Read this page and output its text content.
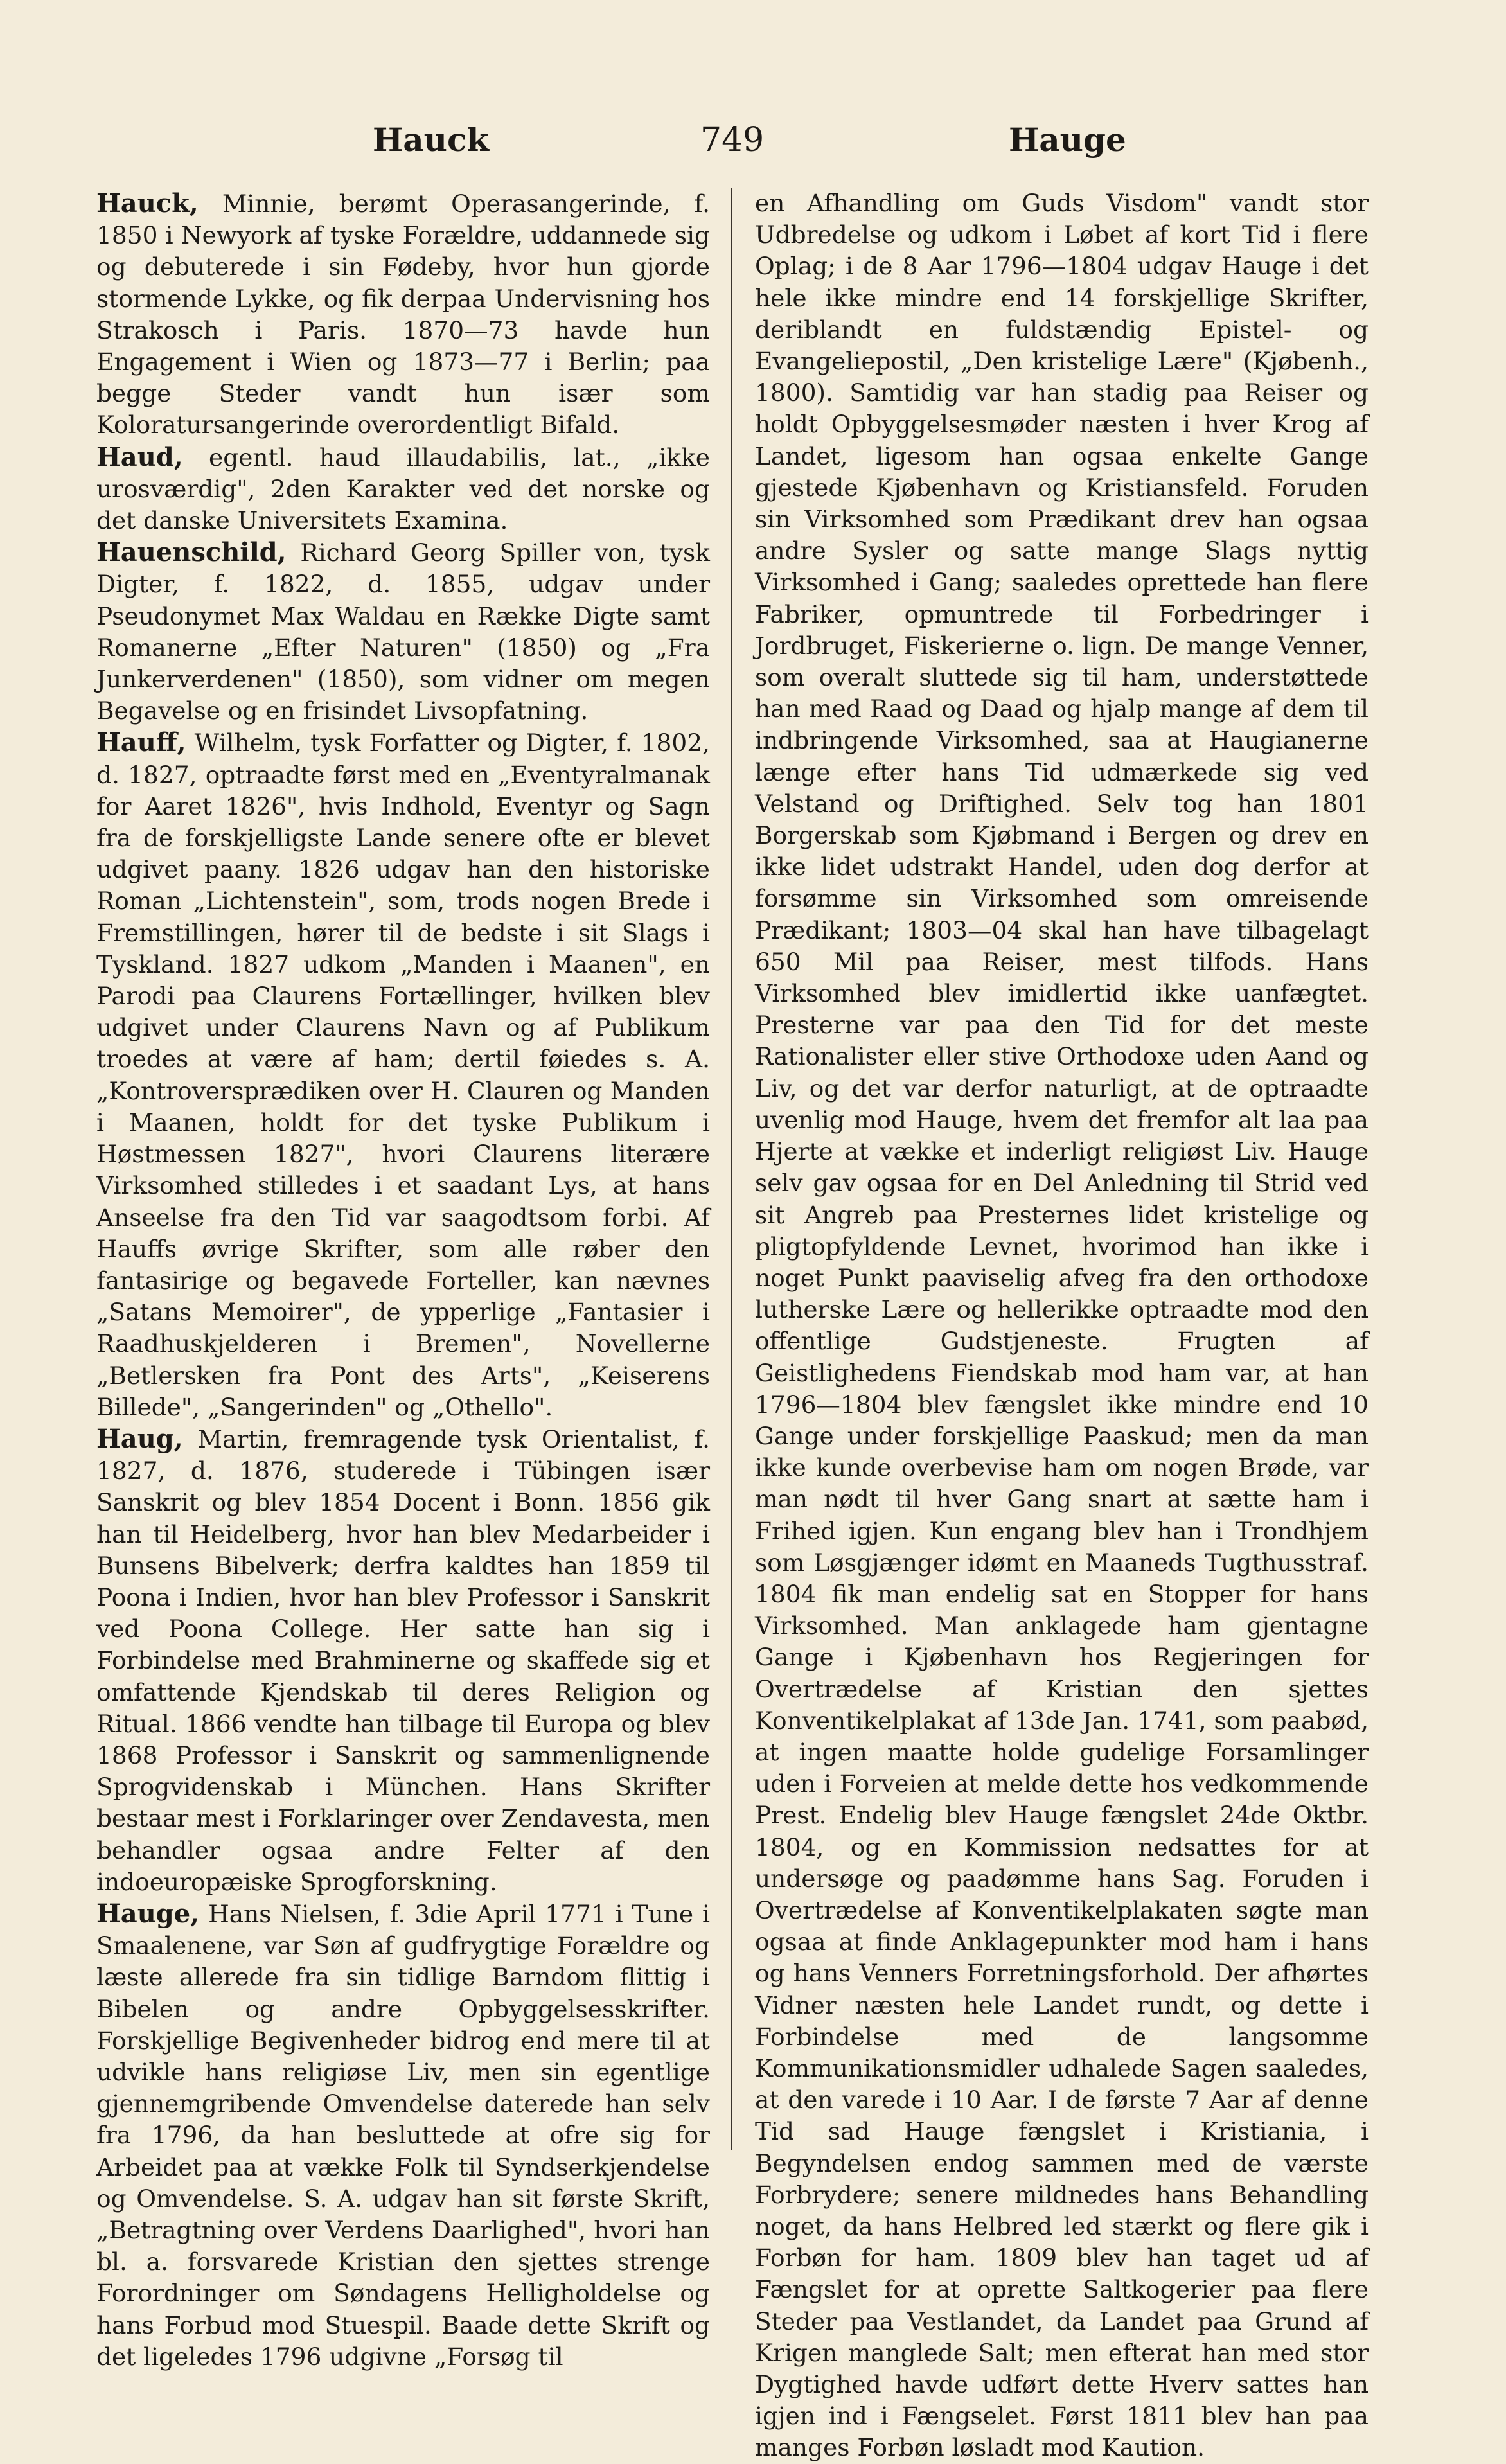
Hauck	749	Hauge

Hauck, Minnie, berømt Operasangerinde, f. 1850 i Newyork af tyske Forældre, uddannede sig og debuterede i sin Fødeby, hvor hun gjorde stormende Lykke, og fik derpaa Undervisning hos Strakosch i Paris. 1870—73 havde hun Engagement i Wien og 1873—77 i Berlin; paa begge Steder vandt hun især som Koloratursangerinde overordentligt Bifald.

Haud, egentl. haud illaudabilis, lat., „ikke urosværdig", 2den Karakter ved det norske og det danske Universitets Examina.

Hauenschild, Richard Georg Spiller von, tysk Digter, f. 1822, d. 1855, udgav under Pseudonymet Max Waldau en Række Digte samt Romanerne „Efter Naturen" (1850) og „Fra Junkerverdenen" (1850), som vidner om megen Begavelse og en frisindet Livsopfatning.

Hauff, Wilhelm, tysk Forfatter og Digter, f. 1802, d. 1827, optraadte først med en „Eventyralmanak for Aaret 1826", hvis Indhold, Eventyr og Sagn fra de forskjelligste Lande senere ofte er blevet udgivet paany. 1826 udgav han den historiske Roman „Lichtenstein", som, trods nogen Brede i Fremstillingen, hører til de bedste i sit Slags i Tyskland. 1827 udkom „Manden i Maanen", en Parodi paa Claurens Fortællinger, hvilken blev udgivet under Claurens Navn og af Publikum troedes at være af ham; dertil føiedes s. A. „Kontroversprædiken over H. Clauren og Manden i Maanen, holdt for det tyske Publikum i Høstmessen 1827", hvori Claurens literære Virksomhed stilledes i et saadant Lys, at hans Anseelse fra den Tid var saagodtsom forbi. Af Hauffs øvrige Skrifter, som alle røber den fantasirige og begavede Forteller, kan nævnes „Satans Memoirer", de ypperlige „Fantasier i Raadhuskjelderen i Bremen", Novellerne „Betlersken fra Pont des Arts", „Keiserens Billede", „Sangerinden" og „Othello".

Haug, Martin, fremragende tysk Orientalist, f. 1827, d. 1876, studerede i Tübingen især Sanskrit og blev 1854 Docent i Bonn. 1856 gik han til Heidelberg, hvor han blev Medarbeider i Bunsens Bibelverk; derfra kaldtes han 1859 til Poona i Indien, hvor han blev Professor i Sanskrit ved Poona College. Her satte han sig i Forbindelse med Brahminerne og skaffede sig et omfattende Kjendskab til deres Religion og Ritual. 1866 vendte han tilbage til Europa og blev 1868 Professor i Sanskrit og sammenlignende Sprogvidenskab i München. Hans Skrifter bestaar mest i Forklaringer over Zendavesta, men behandler ogsaa andre Felter af den indoeuropæiske Sprogforskning.

Hauge, Hans Nielsen, f. 3die April 1771 i Tune i Smaalenene, var Søn af gudfrygtige Forældre og læste allerede fra sin tidlige Barndom flittig i Bibelen og andre Opbyggelsesskrifter. Forskjellige Begivenheder bidrog end mere til at udvikle hans religiøse Liv, men sin egentlige gjennemgribende Omvendelse daterede han selv fra 1796, da han besluttede at ofre sig for Arbeidet paa at vække Folk til Syndserkjendelse og Omvendelse. S. A. udgav han sit første Skrift, „Betragtning over Verdens Daarlighed", hvori han bl. a. forsvarede Kristian den sjettes strenge Forordninger om Søndagens Helligholdelse og hans Forbud mod Stuespil. Baade dette Skrift og det ligeledes 1796 udgivne „Forsøg til

en Afhandling om Guds Visdom" vandt stor Udbredelse og udkom i Løbet af kort Tid i flere Oplag; i de 8 Aar 1796—1804 udgav Hauge i det hele ikke mindre end 14 forskjellige Skrifter, deriblandt en fuldstændig Epistel- og Evangeliepostil, „Den kristelige Lære" (Kjøbenh., 1800). Samtidig var han stadig paa Reiser og holdt Opbyggelsesmøder næsten i hver Krog af Landet, ligesom han ogsaa enkelte Gange gjestede Kjøbenhavn og Kristiansfeld. Foruden sin Virksomhed som Prædikant drev han ogsaa andre Sysler og satte mange Slags nyttig Virksomhed i Gang; saaledes oprettede han flere Fabriker, opmuntrede til Forbedringer i Jordbruget, Fiskerierne o. lign. De mange Venner, som overalt sluttede sig til ham, understøttede han med Raad og Daad og hjalp mange af dem til indbringende Virksomhed, saa at Haugianerne længe efter hans Tid udmærkede sig ved Velstand og Driftighed. Selv tog han 1801 Borgerskab som Kjøbmand i Bergen og drev en ikke lidet udstrakt Handel, uden dog derfor at forsømme sin Virksomhed som omreisende Prædikant; 1803—04 skal han have tilbagelagt 650 Mil paa Reiser, mest tilfods. Hans Virksomhed blev imidlertid ikke uanfægtet. Presterne var paa den Tid for det meste Rationalister eller stive Orthodoxe uden Aand og Liv, og det var derfor naturligt, at de optraadte uvenlig mod Hauge, hvem det fremfor alt laa paa Hjerte at vække et inderligt religiøst Liv. Hauge selv gav ogsaa for en Del Anledning til Strid ved sit Angreb paa Presternes lidet kristelige og pligtopfyldende Levnet, hvorimod han ikke i noget Punkt paaviselig afveg fra den orthodoxe lutherske Lære og hellerikke optraadte mod den offentlige Gudstjeneste. Frugten af Geistlighedens Fiendskab mod ham var, at han 1796—1804 blev fængslet ikke mindre end 10 Gange under forskjellige Paaskud; men da man ikke kunde overbevise ham om nogen Brøde, var man nødt til hver Gang snart at sætte ham i Frihed igjen. Kun engang blev han i Trondhjem som Løsgjænger idømt en Maaneds Tugthusstraf. 1804 fik man endelig sat en Stopper for hans Virksomhed. Man anklagede ham gjentagne Gange i Kjøbenhavn hos Regjeringen for Overtrædelse af Kristian den sjettes Konventikelplakat af 13de Jan. 1741, som paabød, at ingen maatte holde gudelige Forsamlinger uden i Forveien at melde dette hos vedkommende Prest. Endelig blev Hauge fængslet 24de Oktbr. 1804, og en Kommission nedsattes for at undersøge og paadømme hans Sag. Foruden i Overtrædelse af Konventikelplakaten søgte man ogsaa at finde Anklagepunkter mod ham i hans og hans Venners Forretningsforhold. Der afhørtes Vidner næsten hele Landet rundt, og dette i Forbindelse med de langsomme Kommunikationsmidler udhalede Sagen saaledes, at den varede i 10 Aar. I de første 7 Aar af denne Tid sad Hauge fængslet i Kristiania, i Begyndelsen endog sammen med de værste Forbrydere; senere mildnedes hans Behandling noget, da hans Helbred led stærkt og flere gik i Forbøn for ham. 1809 blev han taget ud af Fængslet for at oprette Saltkogerier paa flere Steder paa Vestlandet, da Landet paa Grund af Krigen manglede Salt; men efterat han med stor Dygtighed havde udført dette Hverv sattes han igjen ind i Fængselet. Først 1811 blev han paa manges Forbøn løsladt mod Kaution.
